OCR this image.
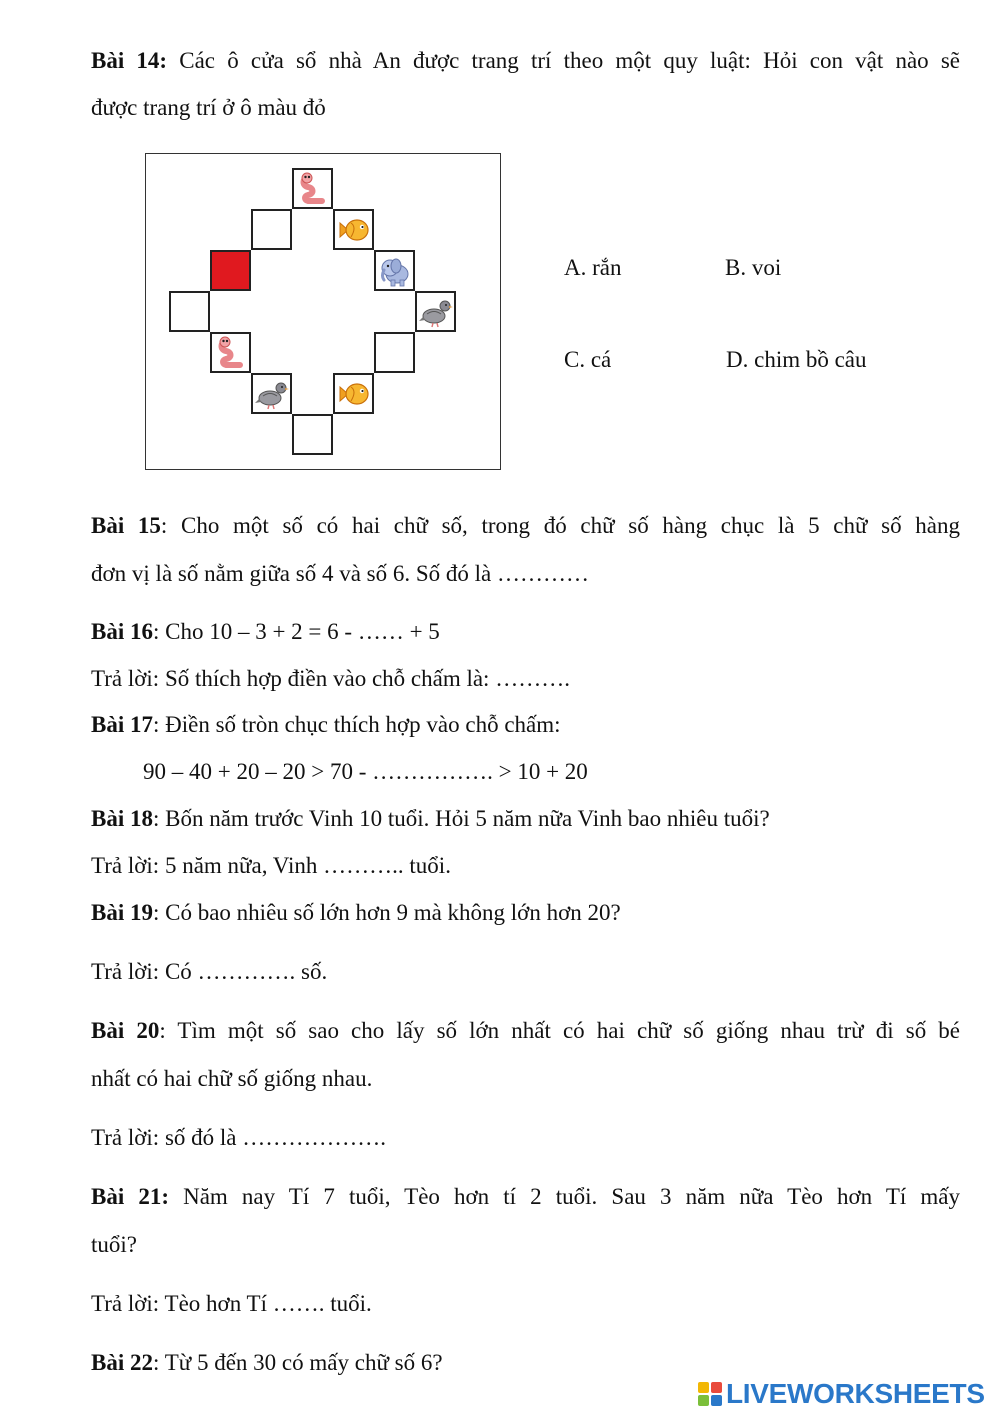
Bài 14: Các ô cửa sổ nhà An được trang trí theo một quy luật: Hỏi con vật nào sẽ

được trang trí ở ô màu đỏ

A. rắn	B. voi
C. cá	D. chim bồ câu

Bài 15: Cho một số có hai chữ số, trong đó chữ số hàng chục là 5 chữ số hàng

đơn vị là số nằm giữa số 4 và số 6. Số đó là …………

Bài 16: Cho 10 – 3 + 2 = 6 - …… + 5

Trả lời: Số thích hợp điền vào chỗ chấm là: ……….

Bài 17: Điền số tròn chục thích hợp vào chỗ chấm:

90 – 40 + 20 – 20 > 70 - ……………. > 10 + 20

Bài 18: Bốn năm trước Vinh 10 tuổi. Hỏi 5 năm nữa Vinh bao nhiêu tuổi?

Trả lời: 5 năm nữa, Vinh ……….. tuổi.

Bài 19: Có bao nhiêu số lớn hơn 9 mà không lớn hơn 20?

Trả lời: Có …………. số.

Bài 20: Tìm một số sao cho lấy số lớn nhất có hai chữ số giống nhau trừ đi số bé

nhất có hai chữ số giống nhau.

Trả lời: số đó là ……………….

Bài 21: Năm nay Tí 7 tuổi, Tèo hơn tí 2 tuổi. Sau 3 năm nữa Tèo hơn Tí mấy

tuổi?

Trả lời: Tèo hơn Tí ……. tuổi.

Bài 22: Từ 5 đến 30 có mấy chữ số 6?

LIVEWORKSHEETS
